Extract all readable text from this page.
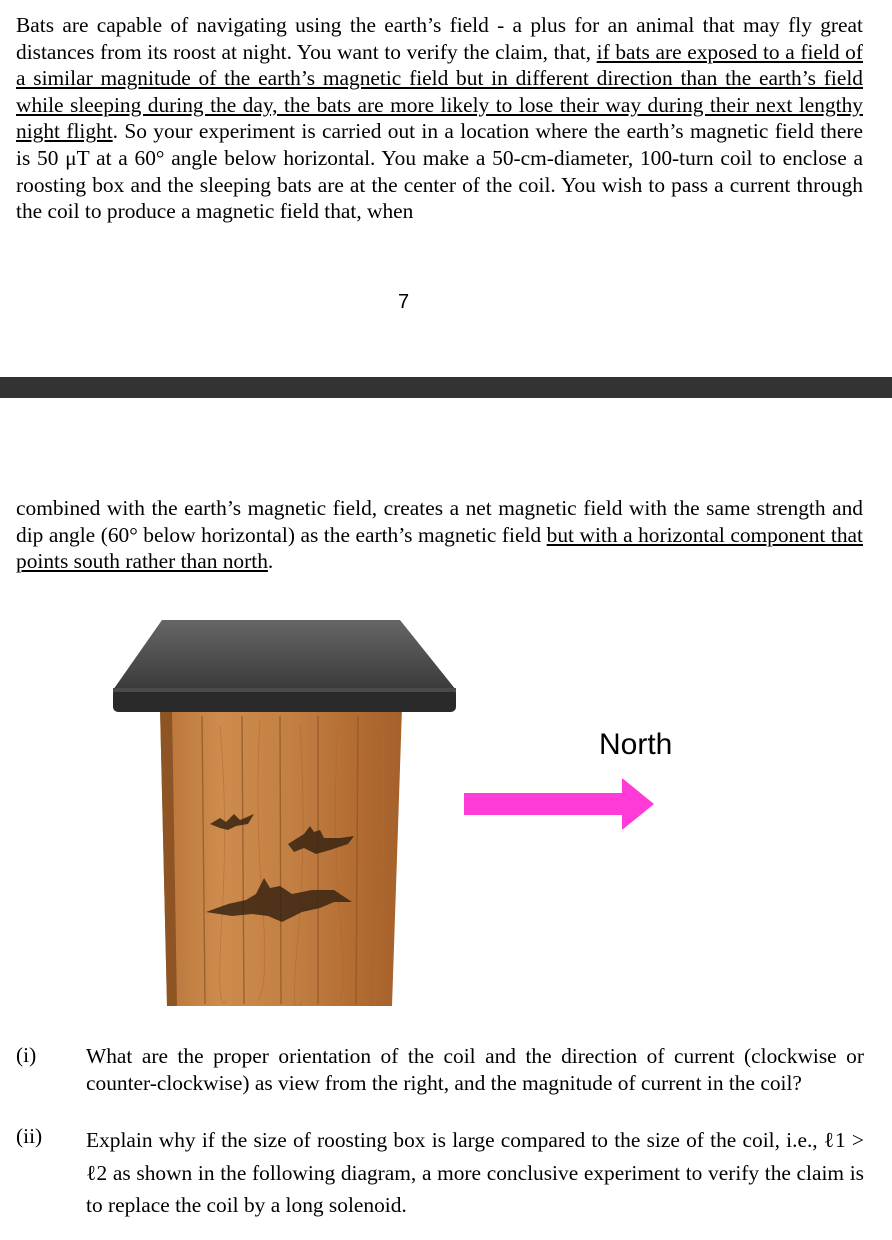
Bats are capable of navigating using the earth’s field - a plus for an animal that may fly great distances from its roost at night. You want to verify the claim, that, if bats are exposed to a field of a similar magnitude of the earth’s magnetic field but in different direction than the earth’s field while sleeping during the day, the bats are more likely to lose their way during their next lengthy night flight. So your experiment is carried out in a location where the earth’s magnetic field there is 50 μT at a 60° angle below horizontal. You make a 50-cm-diameter, 100-turn coil to enclose a roosting box and the sleeping bats are at the center of the coil. You wish to pass a current through the coil to produce a magnetic field that, when

7

combined with the earth’s magnetic field, creates a net magnetic field with the same strength and dip angle (60° below horizontal) as the earth’s magnetic field but with a horizontal component that points south rather than north.

North
(i) What are the proper orientation of the coil and the direction of current (clockwise or counter-clockwise) as view from the right, and the magnitude of current in the coil?
(ii) Explain why if the size of roosting box is large compared to the size of the coil, i.e., ℓ1 > ℓ2 as shown in the following diagram, a more conclusive experiment to verify the claim is to replace the coil by a long solenoid.
